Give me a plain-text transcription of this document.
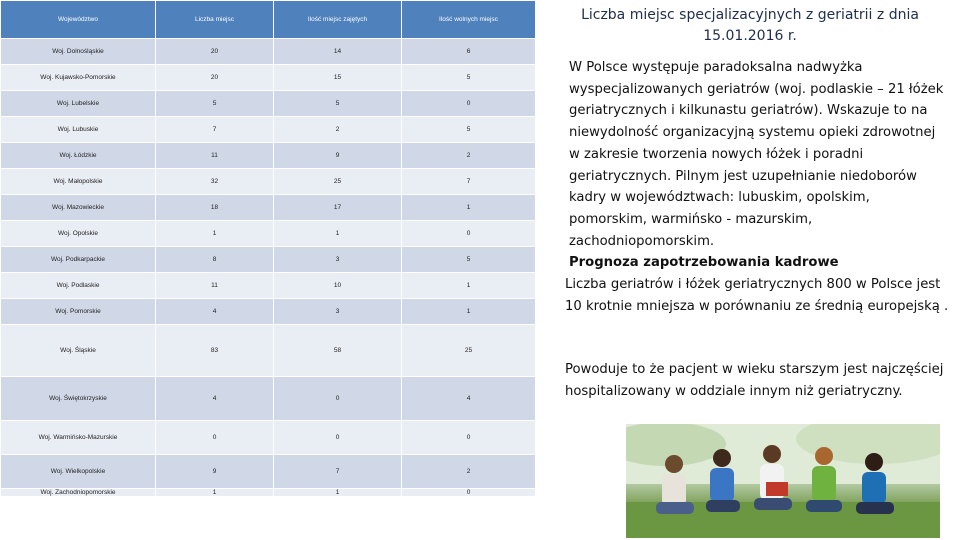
Województwo	Liczba miejsc	Ilość miejsc zajętych	Ilość wolnych miejsc
Woj. Dolnośląskie	20	14	6
Woj. Kujawsko-Pomorskie	20	15	5
Woj. Lubelskie	5	5	0
Woj. Lubuskie	7	2	5
Woj. Łódzkie	11	9	2
Woj. Małopolskie	32	25	7
Woj. Mazowieckie	18	17	1
Woj. Opolskie	1	1	0
Woj. Podkarpackie	8	3	5
Woj. Podlaskie	11	10	1
Woj. Pomorskie	4	3	1
Woj. Śląskie	83	58	25
Woj. Świętokrzyskie	4	0	4
Woj. Warmińsko-Mazurskie	0	0	0
Woj. Wielkopolskie	9	7	2
Woj. Zachodniopomorskie	1	1	0
Liczba miejsc specjalizacyjnych z geriatrii z dnia 15.01.2016 r.

W Polsce występuje paradoksalna nadwyżka wyspecjalizowanych geriatrów (woj. podlaskie – 21 łóżek geriatrycznych i kilkunastu geriatrów). Wskazuje to na niewydolność organizacyjną systemu opieki zdrowotnej w zakresie tworzenia nowych łóżek i poradni geriatrycznych. Pilnym jest uzupełnianie niedoborów kadry w województwach: lubuskim, opolskim, pomorskim, warmińsko - mazurskim, zachodniopomorskim.

Prognoza zapotrzebowania kadrowe

Liczba geriatrów i łóżek geriatrycznych 800 w Polsce jest 10 krotnie mniejsza w porównaniu ze średnią europejską .

Powoduje to że pacjent w wieku starszym jest najczęściej hospitalizowany w oddziale innym niż geriatryczny.
